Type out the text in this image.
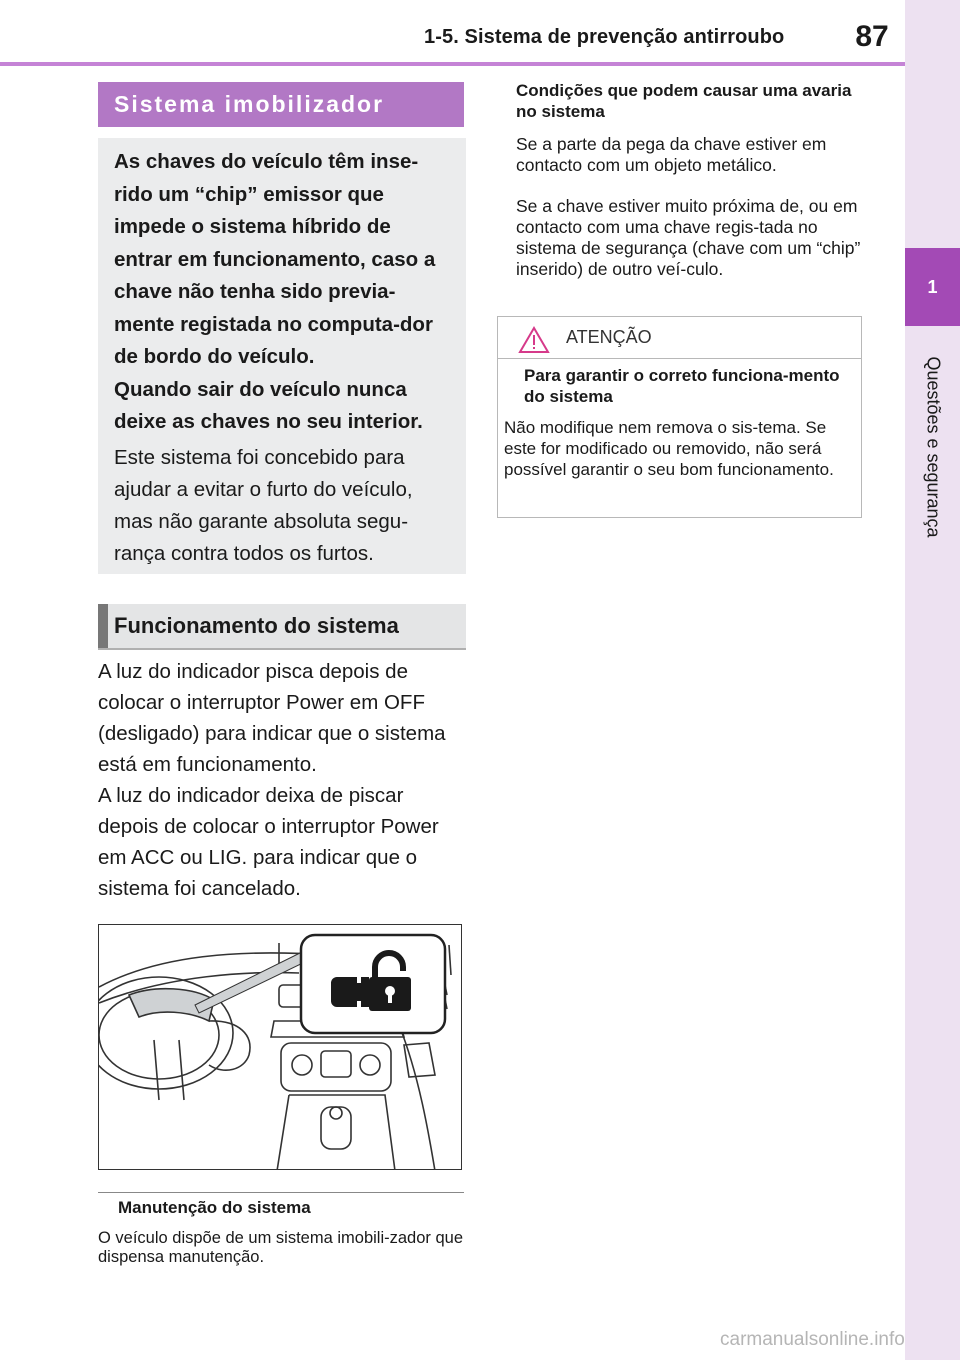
1-5. Sistema de prevenção antirroubo	87
1
Questões e segurança
Sistema imobilizador
As chaves do veículo têm inse-rido um “chip” emissor que impede o sistema híbrido de entrar em funcionamento, caso a chave não tenha sido previa-mente registada no computa-dor de bordo do veículo.
Quando sair do veículo nunca deixe as chaves no seu interior.
Este sistema foi concebido para ajudar a evitar o furto do veículo, mas não garante absoluta segu-rança contra todos os furtos.
Funcionamento do sistema
A luz do indicador pisca depois de colocar o interruptor Power em OFF (desligado) para indicar que o sistema está em funcionamento.
A luz do indicador deixa de piscar depois de colocar o interruptor Power em ACC ou LIG. para indicar que o sistema foi cancelado.
Manutenção do sistema
O veículo dispõe de um sistema imobili-zador que dispensa manutenção.
Condições que podem causar uma avaria no sistema
Se a parte da pega da chave estiver em contacto com um objeto metálico.
Se a chave estiver muito próxima de, ou em contacto com uma chave regis-tada no sistema de segurança (chave com um “chip” inserido) de outro veí-culo.
ATENÇÃO
Para garantir o correto funciona-mento do sistema
Não modifique nem remova o sis-tema. Se este for modificado ou removido, não será possível garantir o seu bom funcionamento.
carmanualsonline.info
